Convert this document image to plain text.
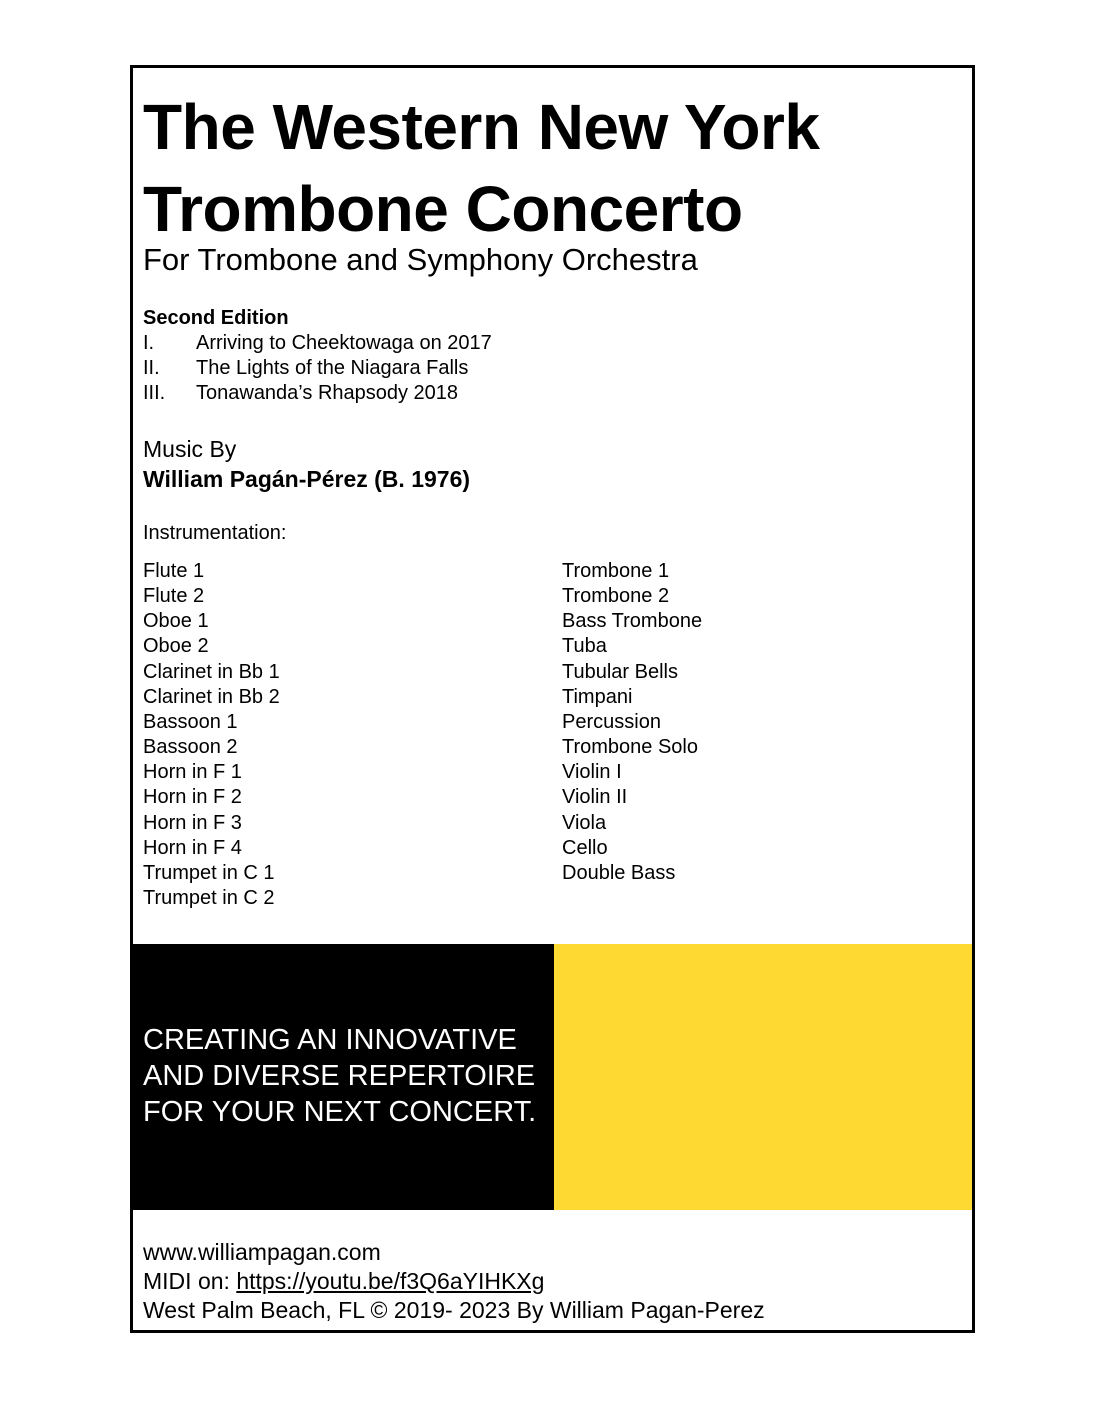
The Western New York
Trombone Concerto
For Trombone and Symphony Orchestra
Second Edition
I. Arriving to Cheektowaga on 2017
II. The Lights of the Niagara Falls
III. Tonawanda’s Rhapsody 2018
Music By
William Pagán-Pérez (B. 1976)
Instrumentation:
Flute 1
Flute 2
Oboe 1
Oboe 2
Clarinet in Bb 1
Clarinet in Bb 2
Bassoon 1
Bassoon 2
Horn in F 1
Horn in F 2
Horn in F 3
Horn in F 4
Trumpet in C 1
Trumpet in C 2
Trombone 1
Trombone 2
Bass Trombone
Tuba
Tubular Bells
Timpani
Percussion
Trombone Solo
Violin I
Violin II
Viola
Cello
Double Bass
CREATING AN INNOVATIVE
AND DIVERSE REPERTOIRE
FOR YOUR NEXT CONCERT.
www.williampagan.com
MIDI on: https://youtu.be/f3Q6aYIHKXg
West Palm Beach, FL © 2019- 2023 By William Pagan-Perez
